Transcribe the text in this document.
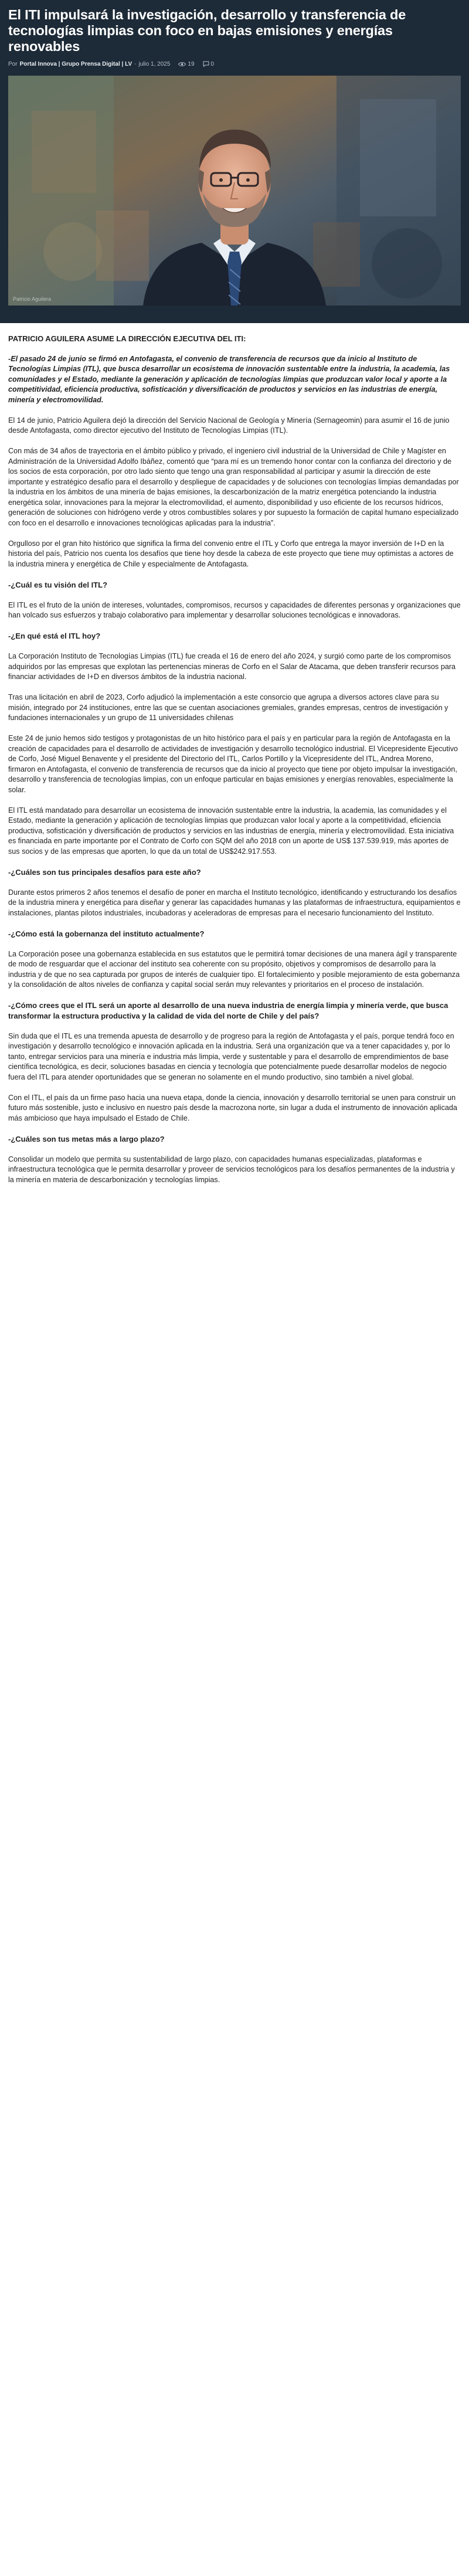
El ITI impulsará la investigación, desarrollo y transferencia de tecnologías limpias con foco en bajas emisiones y energías renovables
Por Portal Innova | Grupo Prensa Digital | LV - julio 1, 2025	19	0
Patricio Aguilera

PATRICIO AGUILERA ASUME LA DIRECCIÓN EJECUTIVA DEL ITI:

-El pasado 24 de junio se firmó en Antofagasta, el convenio de transferencia de recursos que da inicio al Instituto de Tecnologías Limpias (ITL), que busca desarrollar un ecosistema de innovación sustentable entre la industria, la academia, las comunidades y el Estado, mediante la generación y aplicación de tecnologías limpias que produzcan valor local y aporte a la competitividad, eficiencia productiva, sofisticación y diversificación de productos y servicios en las industrias de energía, minería y electromovilidad.

El 14 de junio, Patricio Aguilera dejó la dirección del Servicio Nacional de Geología y Minería (Sernageomin) para asumir el 16 de junio desde Antofagasta, como director ejecutivo del Instituto de Tecnologías Limpias (ITL).

Con más de 34 años de trayectoria en el ámbito público y privado, el ingeniero civil industrial de la Universidad de Chile y Magíster en Administración de la Universidad Adolfo Ibáñez, comentó que “para mí es un tremendo honor contar con la confianza del directorio y de los socios de esta corporación, por otro lado siento que tengo una gran responsabilidad al participar y asumir la dirección de este importante y estratégico desafío para el desarrollo y despliegue de capacidades y de soluciones con tecnologías limpias demandadas por la industria en los ámbitos de una minería de bajas emisiones, la descarbonización de la matriz energética potenciando la industria energética solar, innovaciones para la mejorar la electromovilidad, el aumento, disponibilidad y uso eficiente de los recursos hídricos, generación de soluciones con hidrógeno verde y otros combustibles solares y por supuesto la formación de capital humano especializado con foco en el desarrollo e innovaciones tecnológicas aplicadas para la industria”.

Orgulloso por el gran hito histórico que significa la firma del convenio entre el ITL y Corfo que entrega la mayor inversión de I+D en la historia del país, Patricio nos cuenta los desafíos que tiene hoy desde la cabeza de este proyecto que tiene muy optimistas a actores de la industria minera y energética de Chile y especialmente de Antofagasta.

-¿Cuál es tu visión del ITL?

El ITL es el fruto de la unión de intereses, voluntades, compromisos, recursos y capacidades de diferentes personas y organizaciones que han volcado sus esfuerzos y trabajo colaborativo para implementar y desarrollar soluciones tecnológicas e innovadoras.

-¿En qué está el ITL hoy?

La Corporación Instituto de Tecnologías Limpias (ITL) fue creada el 16 de enero del año 2024, y surgió como parte de los compromisos adquiridos por las empresas que explotan las pertenencias mineras de Corfo en el Salar de Atacama, que deben transferir recursos para financiar actividades de I+D en diversos ámbitos de la industria nacional.

Tras una licitación en abril de 2023, Corfo adjudicó la implementación a este consorcio que agrupa a diversos actores clave para su misión, integrado por 24 instituciones, entre las que se cuentan asociaciones gremiales, grandes empresas, centros de investigación y fundaciones internacionales y un grupo de 11 universidades chilenas

Este 24 de junio hemos sido testigos y protagonistas de un hito histórico para el país y en particular para la región de Antofagasta en la creación de capacidades para el desarrollo de actividades de investigación y desarrollo tecnológico industrial. El Vicepresidente Ejecutivo de Corfo, José Miguel Benavente y el presidente del Directorio del ITL, Carlos Portillo y la Vicepresidente del ITL, Andrea Moreno, firmaron en Antofagasta, el convenio de transferencia de recursos que da inicio al proyecto que tiene por objeto impulsar la investigación, desarrollo y transferencia de tecnologías limpias, con un enfoque particular en bajas emisiones y energías renovables, especialmente la solar.

El ITL está mandatado para desarrollar un ecosistema de innovación sustentable entre la industria, la academia, las comunidades y el Estado, mediante la generación y aplicación de tecnologías limpias que produzcan valor local y aporte a la competitividad, eficiencia productiva, sofisticación y diversificación de productos y servicios en las industrias de energía, minería y electromovilidad. Esta iniciativa es financiada en parte importante por el Contrato de Corfo con SQM del año 2018 con un aporte de US$ 137.539.919, más aportes de sus socios y de las empresas que aporten, lo que da un total de US$242.917.553.

-¿Cuáles son tus principales desafíos para este año?

Durante estos primeros 2 años tenemos el desafío de poner en marcha el Instituto tecnológico, identificando y estructurando los desafíos de la industria minera y energética para diseñar y generar las capacidades humanas y las plataformas de infraestructura, equipamientos e instalaciones, plantas pilotos industriales, incubadoras y aceleradoras de empresas para el necesario funcionamiento del Instituto.

-¿Cómo está la gobernanza del instituto actualmente?

La Corporación posee una gobernanza establecida en sus estatutos que le permitirá tomar decisiones de una manera ágil y transparente de modo de resguardar que el accionar del instituto sea coherente con su propósito, objetivos y compromisos de desarrollo para la industria y de que no sea capturada por grupos de interés de cualquier tipo. El fortalecimiento y posible mejoramiento de esta gobernanza y la consolidación de altos niveles de confianza y capital social serán muy relevantes y prioritarios en el proceso de instalación.

-¿Cómo crees que el ITL será un aporte al desarrollo de una nueva industria de energía limpia y minería verde, que busca transformar la estructura productiva y la calidad de vida del norte de Chile y del país?

Sin duda que el ITL es una tremenda apuesta de desarrollo y de progreso para la región de Antofagasta y el país, porque tendrá foco en investigación y desarrollo tecnológico e innovación aplicada en la industria. Será una organización que va a tener capacidades y, por lo tanto, entregar servicios para una minería e industria más limpia, verde y sustentable y para el desarrollo de emprendimientos de base científica tecnológica, es decir, soluciones basadas en ciencia y tecnología que potencialmente puede desarrollar modelos de negocio fuera del ITL para atender oportunidades que se generan no solamente en el mundo productivo, sino también a nivel global.

Con el ITL, el país da un firme paso hacia una nueva etapa, donde la ciencia, innovación y desarrollo territorial se unen para construir un futuro más sostenible, justo e inclusivo en nuestro país desde la macrozona norte, sin lugar a duda el instrumento de innovación aplicada más ambicioso que haya impulsado el Estado de Chile.

-¿Cuáles son tus metas más a largo plazo?

Consolidar un modelo que permita su sustentabilidad de largo plazo, con capacidades humanas especializadas, plataformas e infraestructura tecnológica que le permita desarrollar y proveer de servicios tecnológicos para los desafíos permanentes de la industria y la minería en materia de descarbonización y tecnologías limpias.
